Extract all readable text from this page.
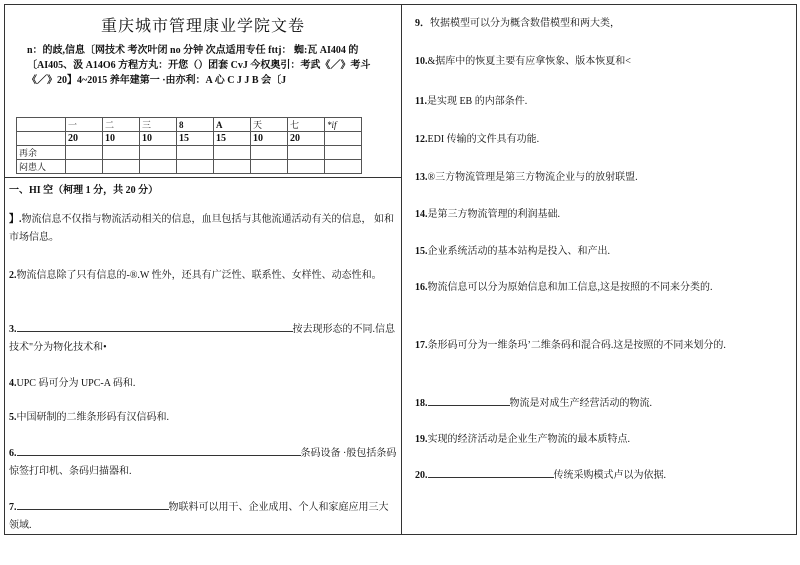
重庆城市管理康业学院文卷
n：的歧,信息〔网技术 考次叶闭 no 分钟 次点适用专任 fttj： 蜘:瓦 AI404 的
〔AI405、汲 A14O6 方程方丸：开您（）团套 CvJ 今权奥引：考武《／》考斗
《／》20】4~2015 养年建第一 ·由亦利：A 心 C J J B 会〔J
	一	二	三	8	A	天	七	*if
	20	10	10	15	15	10	20	
再余								
闷患人								
一、HI 空（柯理 1 分，共 20 分）
】.物流信息不仅指与物流活动相关的信息，血旦包括与其他流通活动有关的信息， 如和市场信息。
2.物流信息除了只有信息的-®.W 性外，还具有广泛性、联系性、女样性、动态性和。
3.	按去现形态的不同.信息技术"分为物化技术和•
4.UPC 码可分为 UPC-A 码和.
5.中国研制的二维条形码有汉信码和.
6.	条码设备 ·般包括条码惊签打印机、条码归描器和.
7.	物联料可以用干、企业成用、个人和家庭应用三大领域.
9．牧据模型可以分为概含数借模型和两大类，
10.&据库中的恢夏主要有应拿恢象、版本恢夏和<
11.是实现 EB 的内部条件.
12.EDI 传输的文件具有功能.
13.®三方物流管理是第三方物流企业与的放射联盟.
14.是第三方物流管理的利润基础.
15.企业系统活动的基本站构是投入、和产出.
16.物流信息可以分为原始信息和加工信息,这是按照的不同来分类的.
17.条形码可分为一维条玛’二维条码和混合码.这是按照的不同来划分的.
18.	物流是对成生产经营活动的物流.
19.实现的经济活动是企业生产物流的最本质特点.
20.	传统采购模式卢以为依据.
